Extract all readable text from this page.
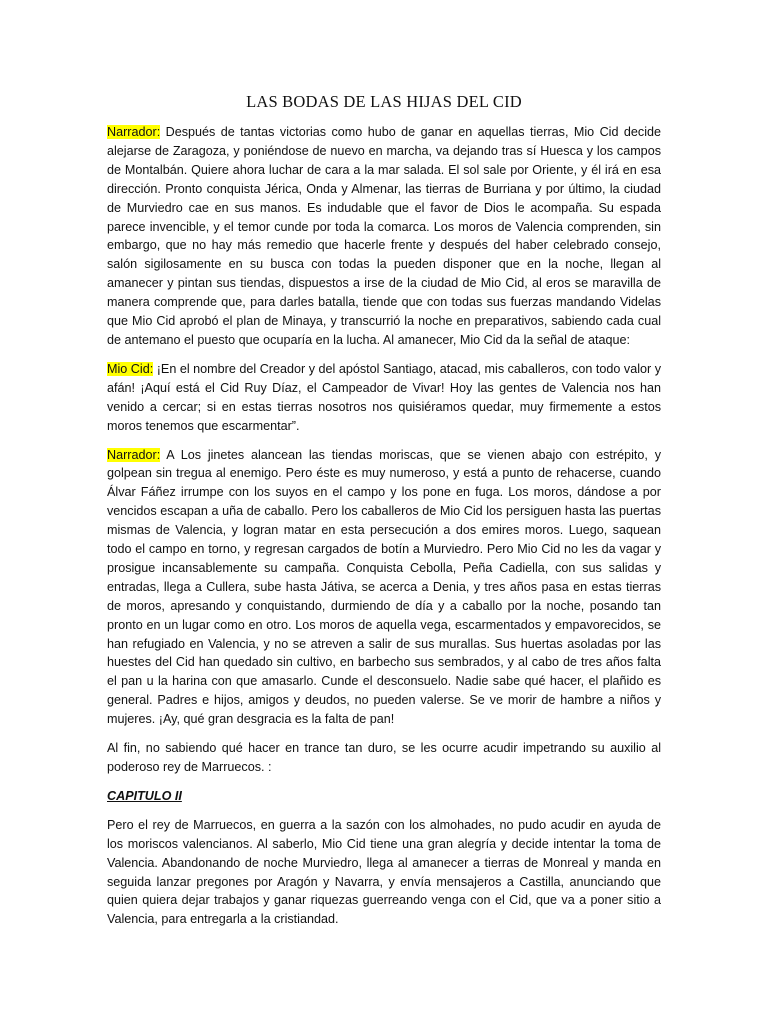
LAS BODAS DE LAS HIJAS DEL CID

Narrador: Después de tantas victorias como hubo de ganar en aquellas tierras, Mio Cid decide alejarse de Zaragoza, y poniéndose de nuevo en marcha, va dejando tras sí Huesca y los campos de Montalbán. Quiere ahora luchar de cara a la mar salada. El sol sale por Oriente, y él irá en esa dirección. Pronto conquista Jérica, Onda y Almenar, las tierras de Burriana y por último, la ciudad de Murviedro cae en sus manos. Es indudable que el favor de Dios le acompaña. Su espada parece invencible, y el temor cunde por toda la comarca. Los moros de Valencia comprenden, sin embargo, que no hay más remedio que hacerle frente y después del haber celebrado consejo, salón sigilosamente en su busca con todas la pueden disponer que en la noche, llegan al amanecer y pintan sus tiendas, dispuestos a irse de la ciudad de Mio Cid, al eros se maravilla de manera comprende que, para darles batalla, tiende que con todas sus fuerzas mandando Videlas que Mio Cid aprobó el plan de Minaya, y transcurrió la noche en preparativos, sabiendo cada cual de antemano el puesto que ocuparía en la lucha. Al amanecer, Mio Cid da la señal de ataque:

Mio Cid: ¡En el nombre del Creador y del apóstol Santiago, atacad, mis caballeros, con todo valor y afán! ¡Aquí está el Cid Ruy Díaz, el Campeador de Vivar! Hoy las gentes de Valencia nos han venido a cercar; si en estas tierras nosotros nos quisiéramos quedar, muy firmemente a estos moros tenemos que escarmentar”.

Narrador: A Los jinetes alancean las tiendas moriscas, que se vienen abajo con estrépito, y golpean sin tregua al enemigo. Pero éste es muy numeroso, y está a punto de rehacerse, cuando Álvar Fáñez irrumpe con los suyos en el campo y los pone en fuga. Los moros, dándose a por vencidos escapan a uña de caballo. Pero los caballeros de Mio Cid los persiguen hasta las puertas mismas de Valencia, y logran matar en esta persecución a dos emires moros. Luego, saquean todo el campo en torno, y regresan cargados de botín a Murviedro. Pero Mio Cid no les da vagar y prosigue incansablemente su campaña. Conquista Cebolla, Peña Cadiella, con sus salidas y entradas, llega a Cullera, sube hasta Játiva, se acerca a Denia, y tres años pasa en estas tierras de moros, apresando y conquistando, durmiendo de día y a caballo por la noche, posando tan pronto en un lugar como en otro. Los moros de aquella vega, escarmentados y empavorecidos, se han refugiado en Valencia, y no se atreven a salir de sus murallas. Sus huertas asoladas por las huestes del Cid han quedado sin cultivo, en barbecho sus sembrados, y al cabo de tres años falta el pan u la harina con que amasarlo. Cunde el desconsuelo. Nadie sabe qué hacer, el plañido es general. Padres e hijos, amigos y deudos, no pueden valerse. Se ve morir de hambre a niños y mujeres. ¡Ay, qué gran desgracia es la falta de pan!

Al fin, no sabiendo qué hacer en trance tan duro, se les ocurre acudir impetrando su auxilio al poderoso rey de Marruecos. :

CAPITULO II

Pero el rey de Marruecos, en guerra a la sazón con los almohades, no pudo acudir en ayuda de los moriscos valencianos. Al saberlo, Mio Cid tiene una gran alegría y decide intentar la toma de Valencia. Abandonando de noche Murviedro, llega al amanecer a tierras de Monreal y manda en seguida lanzar pregones por Aragón y Navarra, y envía mensajeros a Castilla, anunciando que quien quiera dejar trabajos y ganar riquezas guerreando venga con el Cid, que va a poner sitio a Valencia, para entregarla a la cristiandad.
